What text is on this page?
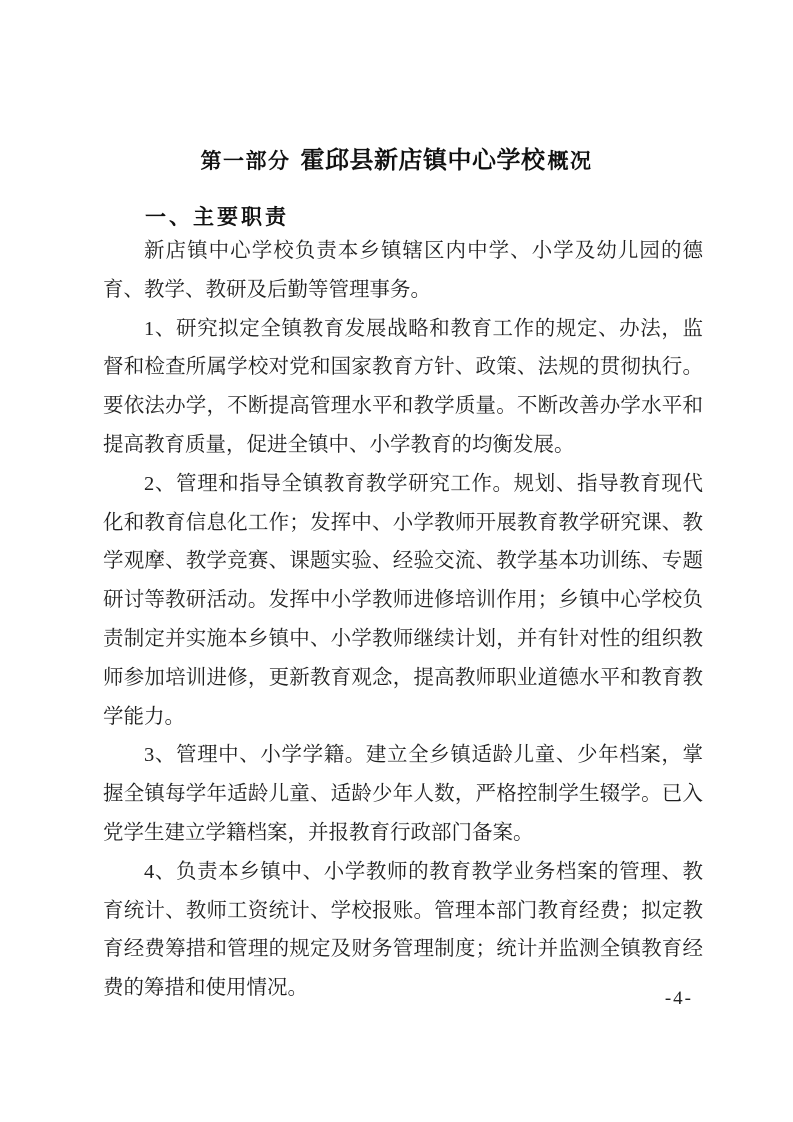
第一部分 霍邱县新店镇中心学校概况
一、主要职责

新店镇中心学校负责本乡镇辖区内中学、小学及幼儿园的德育、教学、教研及后勤等管理事务。

1、研究拟定全镇教育发展战略和教育工作的规定、办法，监督和检查所属学校对党和国家教育方针、政策、法规的贯彻执行。要依法办学，不断提高管理水平和教学质量。不断改善办学水平和提高教育质量，促进全镇中、小学教育的均衡发展。

2、管理和指导全镇教育教学研究工作。规划、指导教育现代化和教育信息化工作；发挥中、小学教师开展教育教学研究课、教学观摩、教学竞赛、课题实验、经验交流、教学基本功训练、专题研讨等教研活动。发挥中小学教师进修培训作用；乡镇中心学校负责制定并实施本乡镇中、小学教师继续计划，并有针对性的组织教师参加培训进修，更新教育观念，提高教师职业道德水平和教育教学能力。

3、管理中、小学学籍。建立全乡镇适龄儿童、少年档案，掌握全镇每学年适龄儿童、适龄少年人数，严格控制学生辍学。已入党学生建立学籍档案，并报教育行政部门备案。

4、负责本乡镇中、小学教师的教育教学业务档案的管理、教育统计、教师工资统计、学校报账。管理本部门教育经费；拟定教育经费筹措和管理的规定及财务管理制度；统计并监测全镇教育经费的筹措和使用情况。	-4-
